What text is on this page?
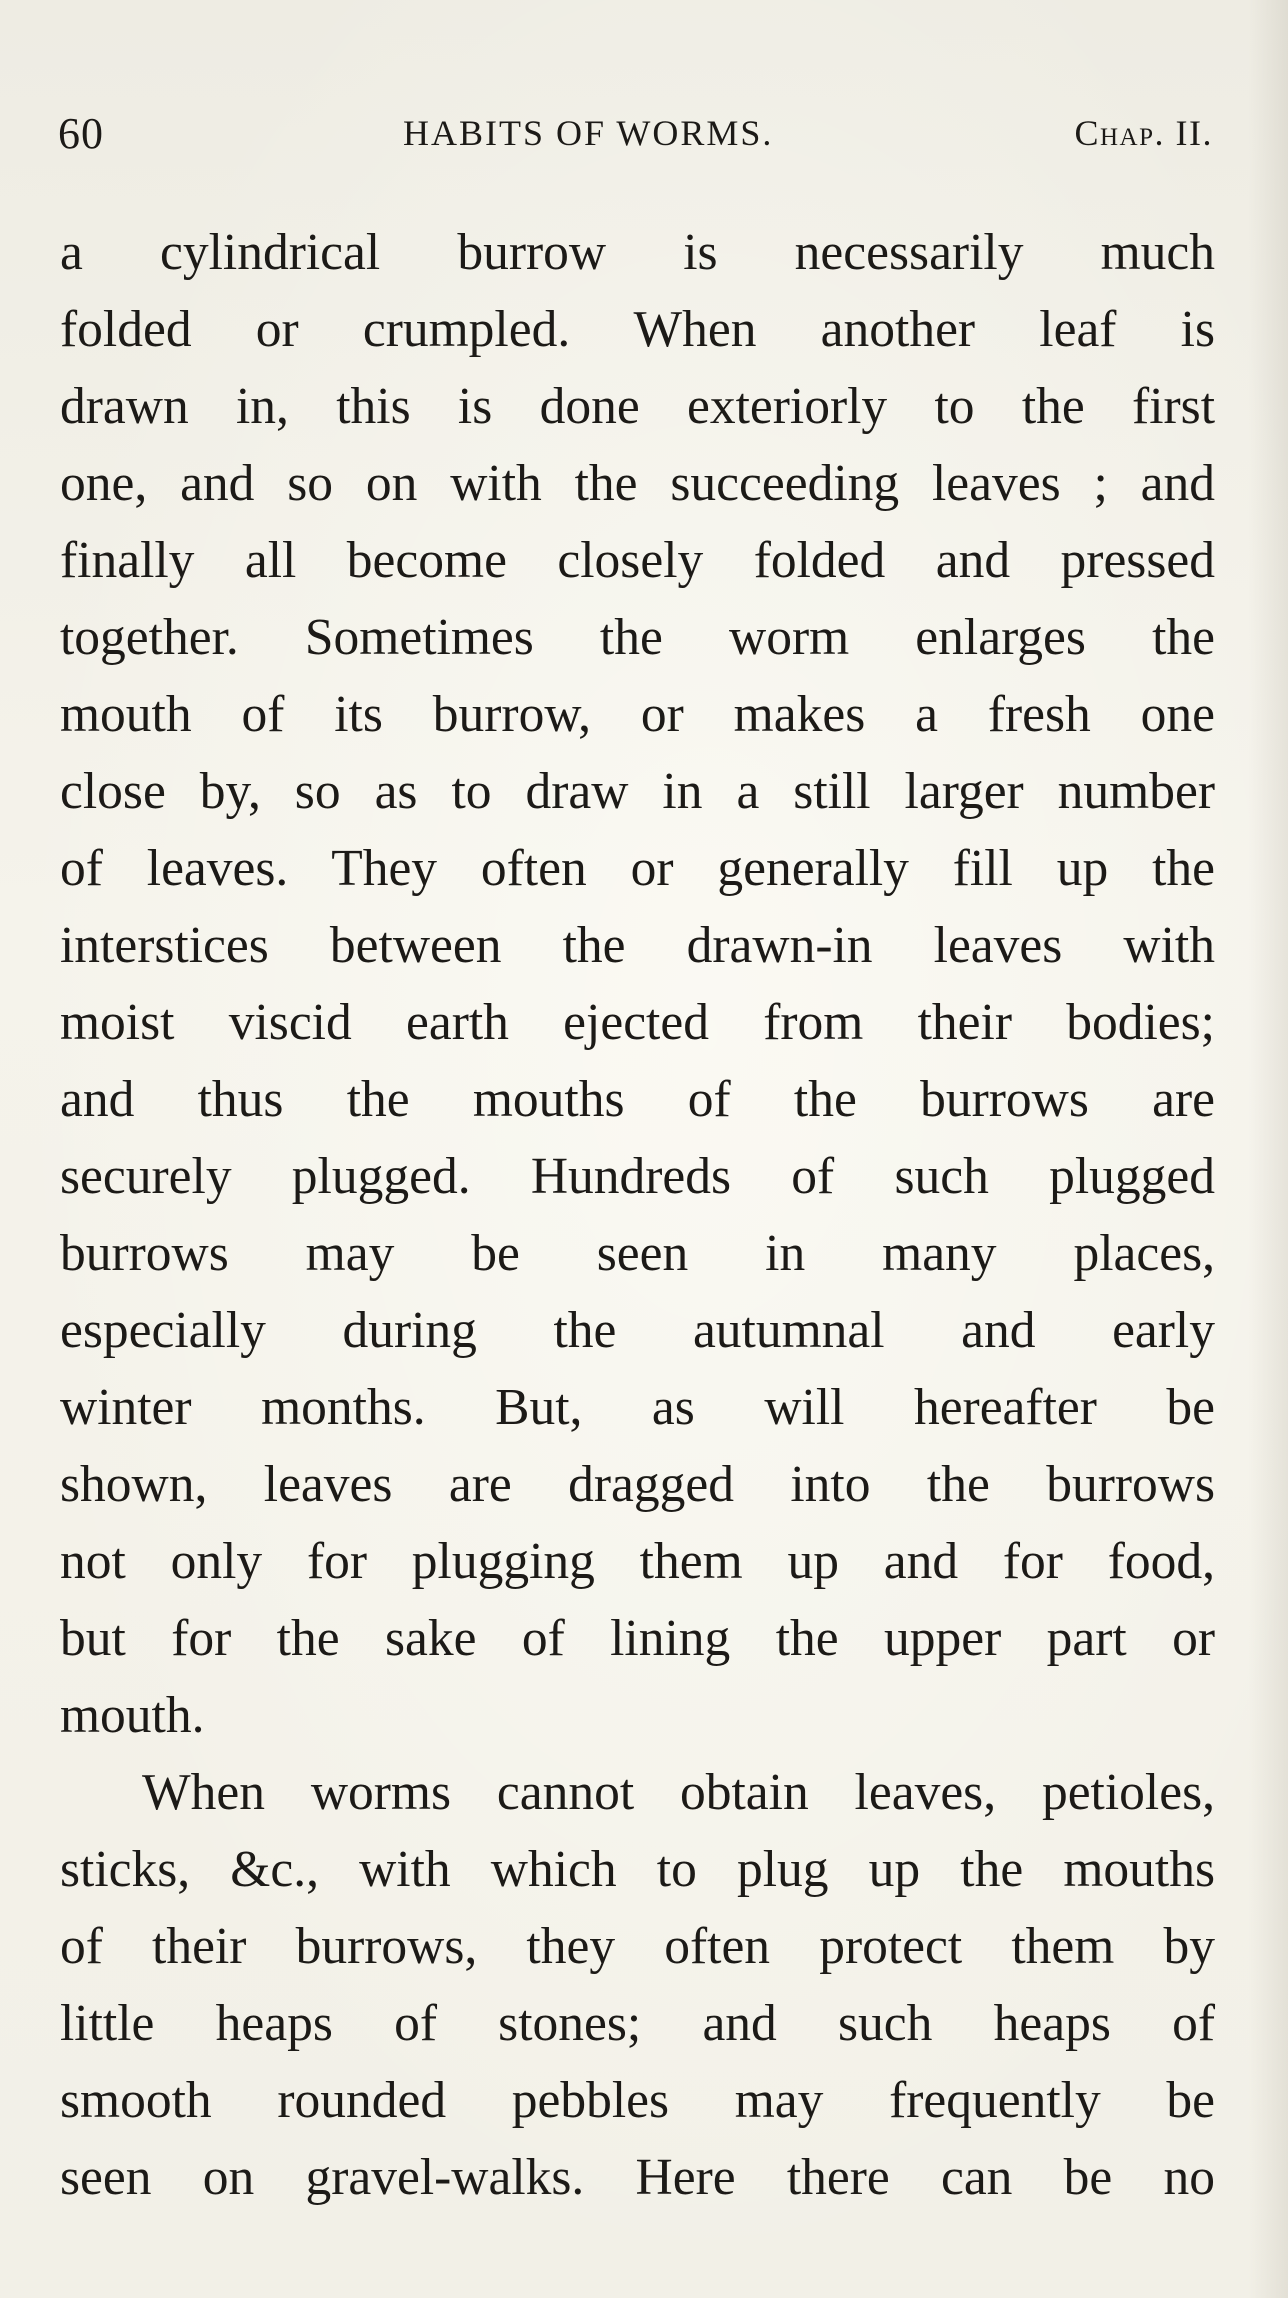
60	HABITS OF WORMS.	Chap. II.
a cylindrical burrow is necessarily much
folded or crumpled. When another leaf is
drawn in, this is done exteriorly to the first
one, and so on with the succeeding leaves ; and
finally all become closely folded and pressed
together. Sometimes the worm enlarges the
mouth of its burrow, or makes a fresh one
close by, so as to draw in a still larger number
of leaves. They often or generally fill up the
interstices between the drawn-in leaves with
moist viscid earth ejected from their bodies;
and thus the mouths of the burrows are
securely plugged. Hundreds of such plugged
burrows may be seen in many places,
especially during the autumnal and early
winter months. But, as will hereafter be
shown, leaves are dragged into the burrows
not only for plugging them up and for food,
but for the sake of lining the upper part or
mouth.
When worms cannot obtain leaves, petioles,
sticks, &c., with which to plug up the mouths
of their burrows, they often protect them by
little heaps of stones; and such heaps of
smooth rounded pebbles may frequently be
seen on gravel-walks. Here there can be no
